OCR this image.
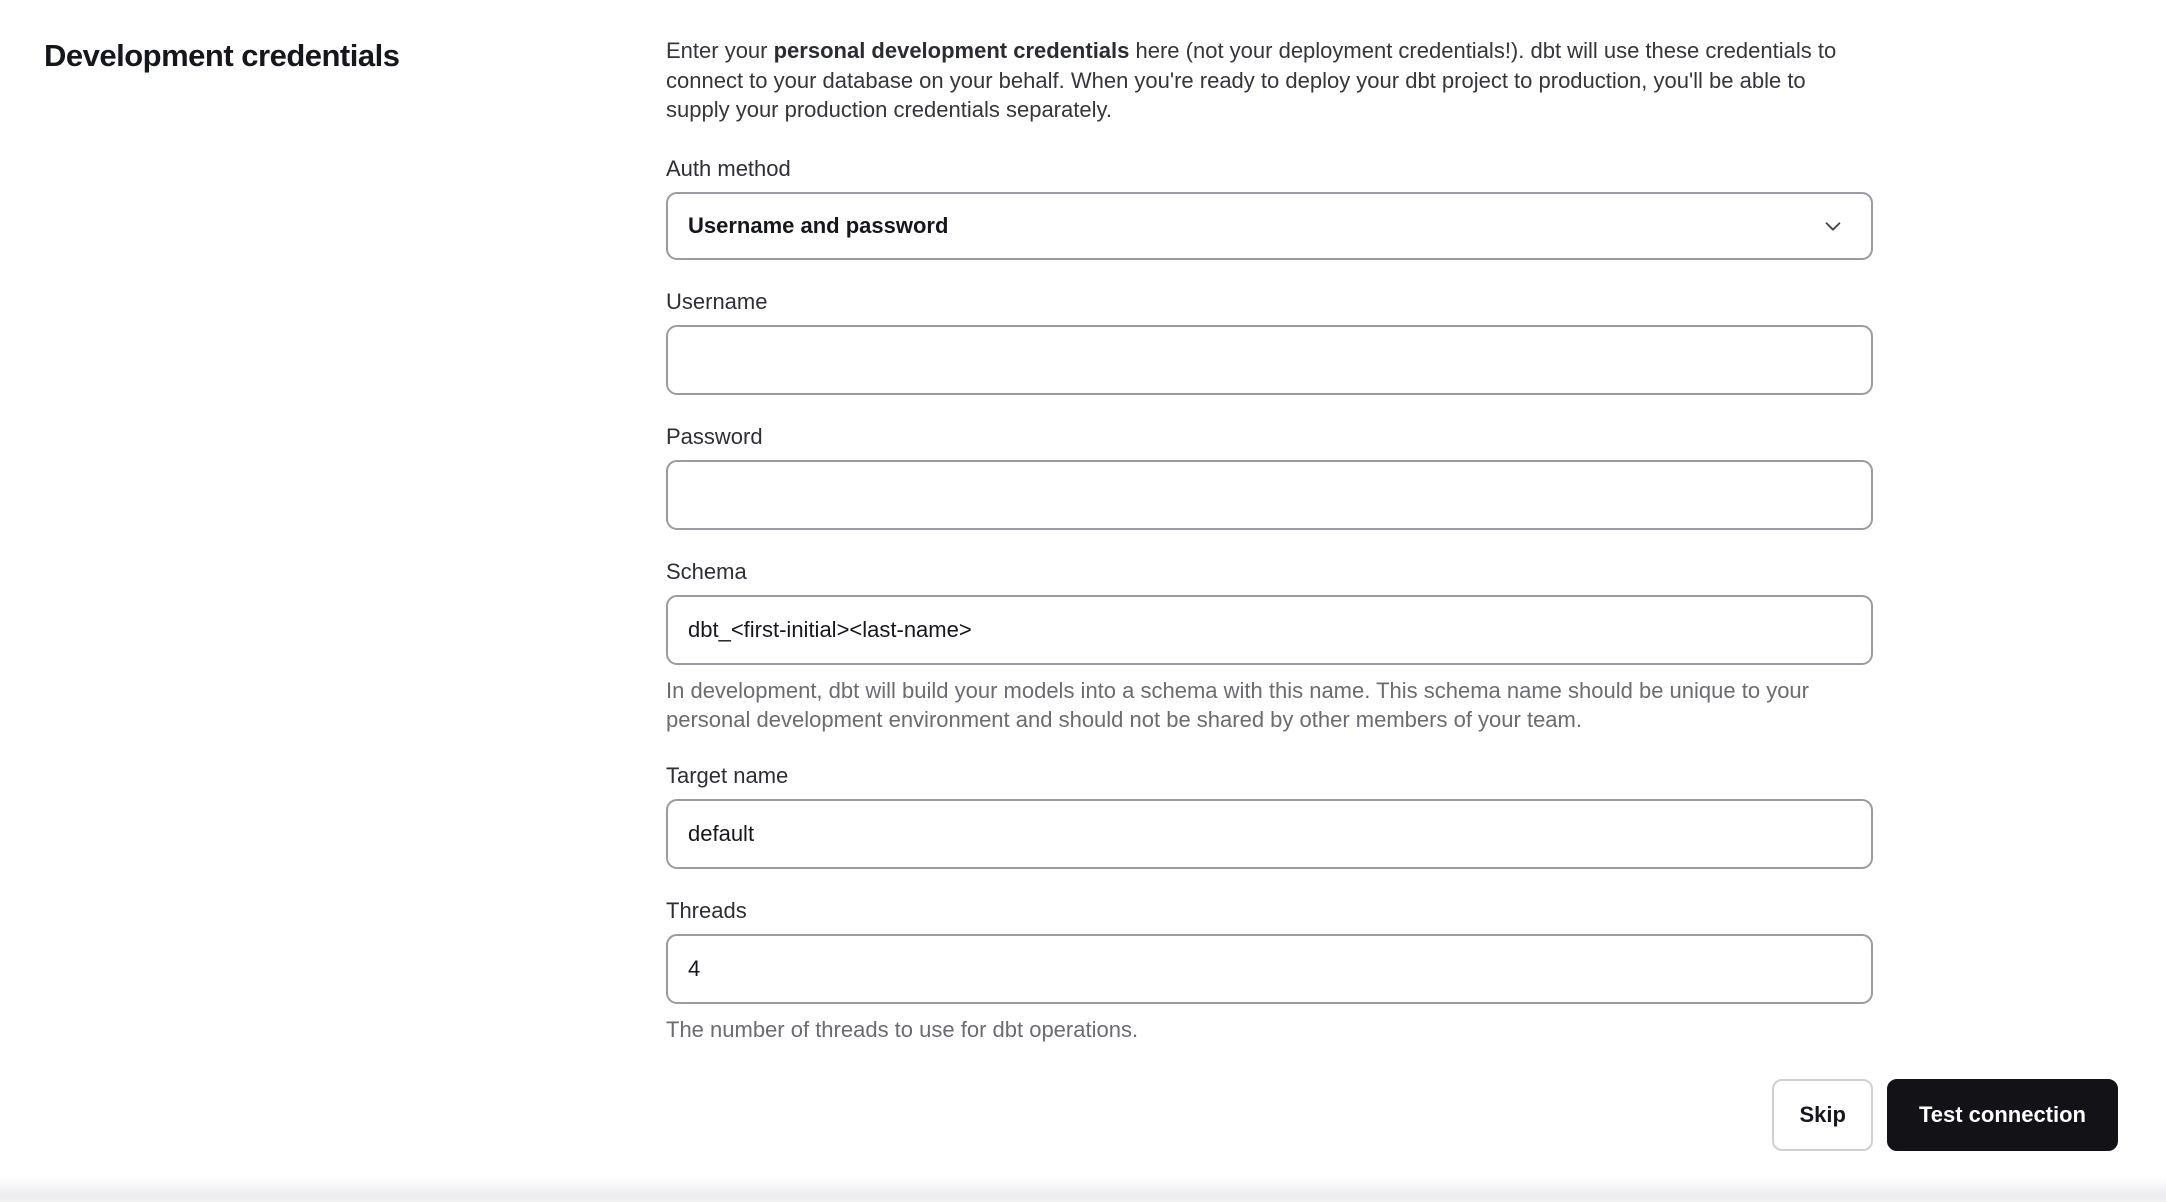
Development credentials	Enter your personal development credentials here (not your deployment credentials!). dbt will use these credentials to connect to your database on your behalf. When you're ready to deploy your dbt project to production, you'll be able to supply your production credentials separately.

Auth method
Username and password
Username
Password
Schema
dbt_<first-initial><last-name>

In development, dbt will build your models into a schema with this name. This schema name should be unique to your personal development environment and should not be shared by other members of your team.

Target name
default
Threads
4

The number of threads to use for dbt operations.

Skip	Test connection
